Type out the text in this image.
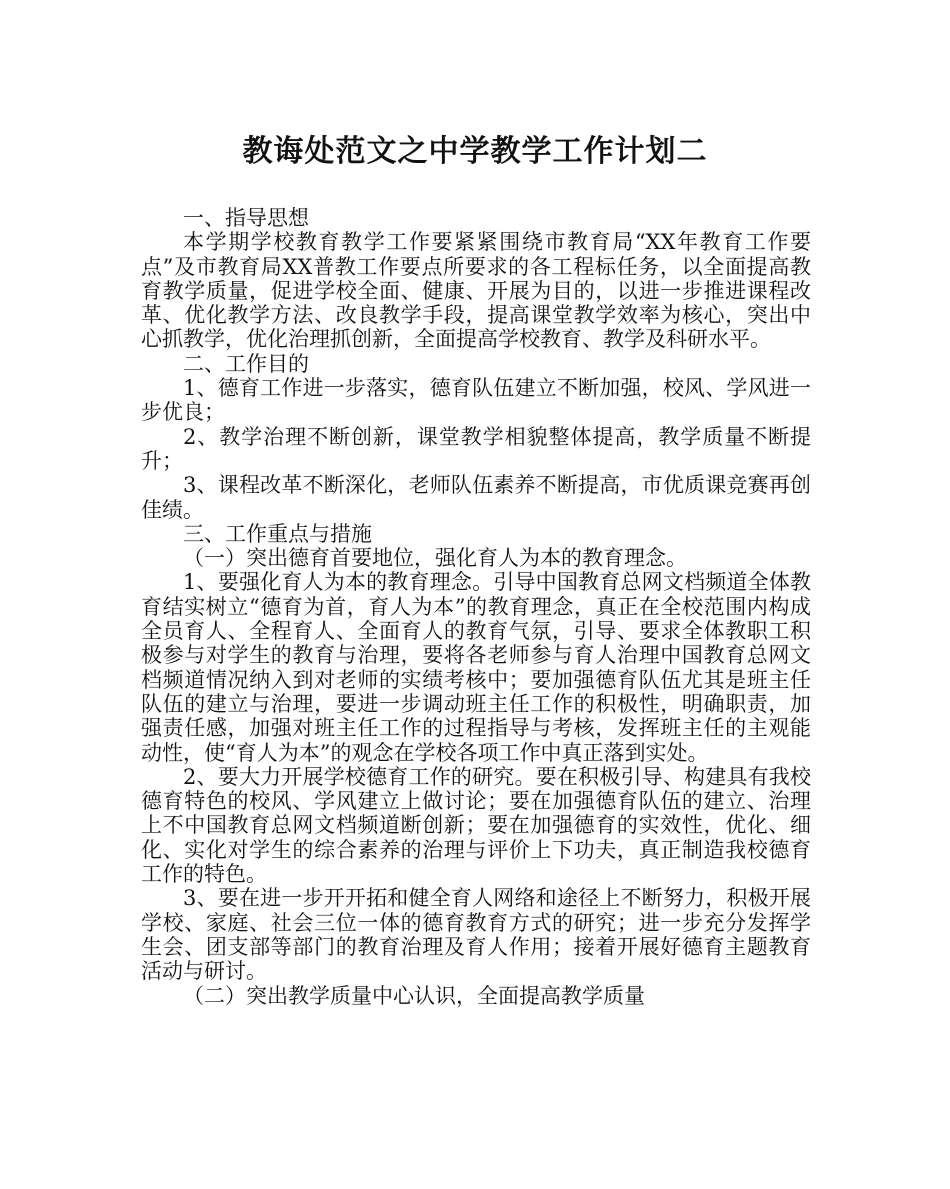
教诲处范文之中学教学工作计划二

一、指导思想

本学期学校教育教学工作要紧紧围绕市教育局“XX年教育工作要点”及市教育局XX普教工作要点所要求的各工程标任务，以全面提高教育教学质量，促进学校全面、健康、开展为目的，以进一步推进课程改革、优化教学方法、改良教学手段，提高课堂教学效率为核心，突出中心抓教学，优化治理抓创新，全面提高学校教育、教学及科研水平。

二、工作目的

1、德育工作进一步落实，德育队伍建立不断加强，校风、学风进一步优良；

2、教学治理不断创新，课堂教学相貌整体提高，教学质量不断提升；

3、课程改革不断深化，老师队伍素养不断提高，市优质课竞赛再创佳绩。

三、工作重点与措施

（一）突出德育首要地位，强化育人为本的教育理念。

1、要强化育人为本的教育理念。引导中国教育总网文档频道全体教育结实树立“德育为首，育人为本”的教育理念，真正在全校范围内构成全员育人、全程育人、全面育人的教育气氛，引导、要求全体教职工积极参与对学生的教育与治理，要将各老师参与育人治理中国教育总网文档频道情况纳入到对老师的实绩考核中；要加强德育队伍尤其是班主任队伍的建立与治理，要进一步调动班主任工作的积极性，明确职责，加强责任感，加强对班主任工作的过程指导与考核，发挥班主任的主观能动性，使“育人为本”的观念在学校各项工作中真正落到实处。

2、要大力开展学校德育工作的研究。要在积极引导、构建具有我校德育特色的校风、学风建立上做讨论；要在加强德育队伍的建立、治理上不中国教育总网文档频道断创新；要在加强德育的实效性，优化、细化、实化对学生的综合素养的治理与评价上下功夫，真正制造我校德育工作的特色。

3、要在进一步开开拓和健全育人网络和途径上不断努力，积极开展学校、家庭、社会三位一体的德育教育方式的研究；进一步充分发挥学生会、团支部等部门的教育治理及育人作用；接着开展好德育主题教育活动与研讨。

（二）突出教学质量中心认识，全面提高教学质量
